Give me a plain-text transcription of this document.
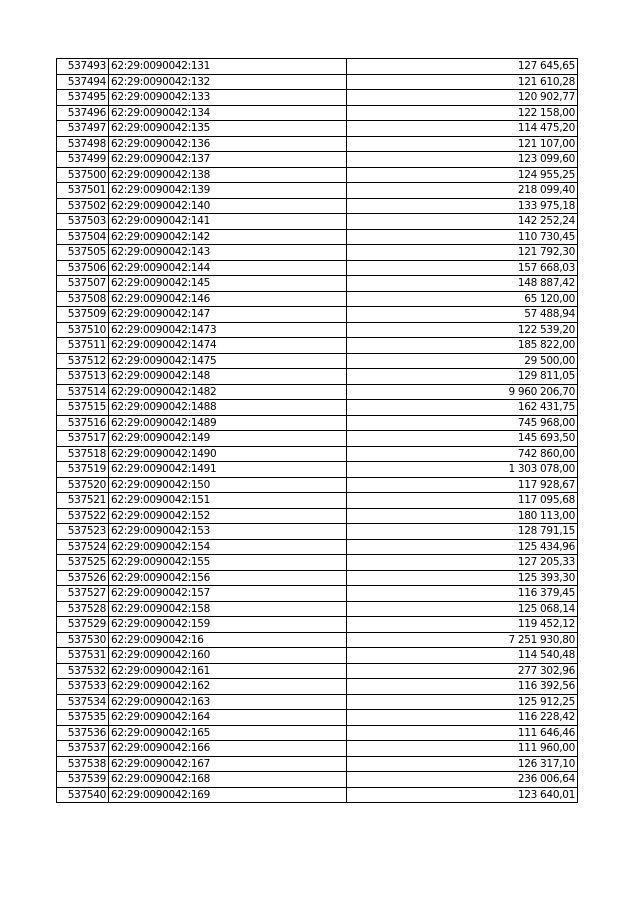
537493	62:29:0090042:131	127 645,65
537494	62:29:0090042:132	121 610,28
537495	62:29:0090042:133	120 902,77
537496	62:29:0090042:134	122 158,00
537497	62:29:0090042:135	114 475,20
537498	62:29:0090042:136	121 107,00
537499	62:29:0090042:137	123 099,60
537500	62:29:0090042:138	124 955,25
537501	62:29:0090042:139	218 099,40
537502	62:29:0090042:140	133 975,18
537503	62:29:0090042:141	142 252,24
537504	62:29:0090042:142	110 730,45
537505	62:29:0090042:143	121 792,30
537506	62:29:0090042:144	157 668,03
537507	62:29:0090042:145	148 887,42
537508	62:29:0090042:146	65 120,00
537509	62:29:0090042:147	57 488,94
537510	62:29:0090042:1473	122 539,20
537511	62:29:0090042:1474	185 822,00
537512	62:29:0090042:1475	29 500,00
537513	62:29:0090042:148	129 811,05
537514	62:29:0090042:1482	9 960 206,70
537515	62:29:0090042:1488	162 431,75
537516	62:29:0090042:1489	745 968,00
537517	62:29:0090042:149	145 693,50
537518	62:29:0090042:1490	742 860,00
537519	62:29:0090042:1491	1 303 078,00
537520	62:29:0090042:150	117 928,67
537521	62:29:0090042:151	117 095,68
537522	62:29:0090042:152	180 113,00
537523	62:29:0090042:153	128 791,15
537524	62:29:0090042:154	125 434,96
537525	62:29:0090042:155	127 205,33
537526	62:29:0090042:156	125 393,30
537527	62:29:0090042:157	116 379,45
537528	62:29:0090042:158	125 068,14
537529	62:29:0090042:159	119 452,12
537530	62:29:0090042:16	7 251 930,80
537531	62:29:0090042:160	114 540,48
537532	62:29:0090042:161	277 302,96
537533	62:29:0090042:162	116 392,56
537534	62:29:0090042:163	125 912,25
537535	62:29:0090042:164	116 228,42
537536	62:29:0090042:165	111 646,46
537537	62:29:0090042:166	111 960,00
537538	62:29:0090042:167	126 317,10
537539	62:29:0090042:168	236 006,64
537540	62:29:0090042:169	123 640,01
